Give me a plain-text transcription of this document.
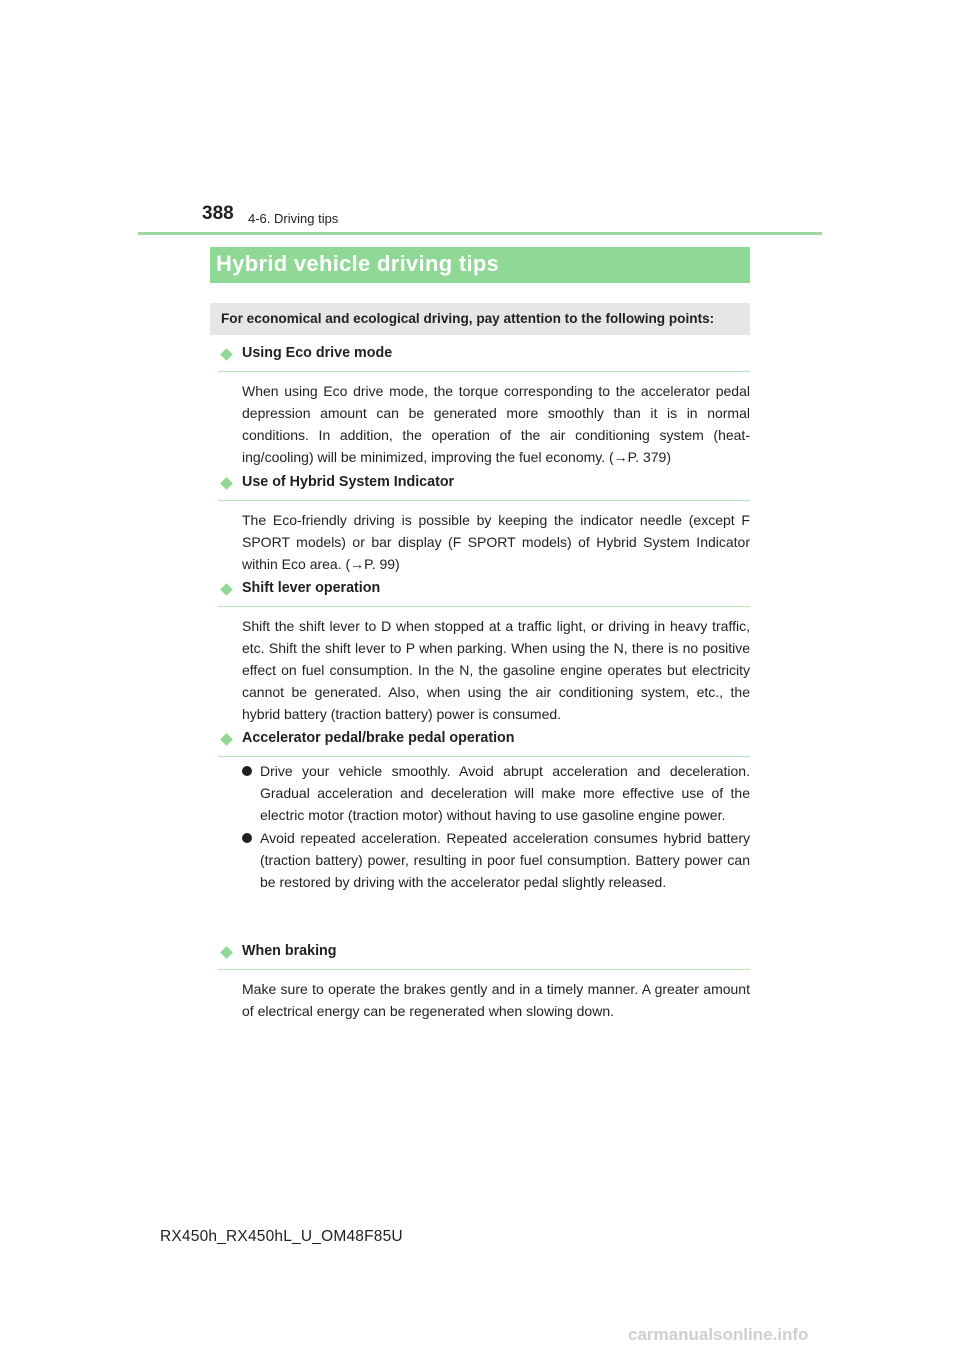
388 4-6. Driving tips
Hybrid vehicle driving tips
For economical and ecological driving, pay attention to the following points:
Using Eco drive mode
When using Eco drive mode, the torque corresponding to the accelerator pedal depression amount can be generated more smoothly than it is in normal conditions. In addition, the operation of the air conditioning system (heating/cooling) will be minimized, improving the fuel economy. (→P. 379)
Use of Hybrid System Indicator
The Eco-friendly driving is possible by keeping the indicator needle (except F SPORT models) or bar display (F SPORT models) of Hybrid System Indicator within Eco area. (→P. 99)
Shift lever operation
Shift the shift lever to D when stopped at a traffic light, or driving in heavy traffic, etc. Shift the shift lever to P when parking. When using the N, there is no positive effect on fuel consumption. In the N, the gasoline engine operates but electricity cannot be generated. Also, when using the air conditioning system, etc., the hybrid battery (traction battery) power is consumed.
Accelerator pedal/brake pedal operation
Drive your vehicle smoothly. Avoid abrupt acceleration and deceleration. Gradual acceleration and deceleration will make more effective use of the electric motor (traction motor) without having to use gasoline engine power.
Avoid repeated acceleration. Repeated acceleration consumes hybrid battery (traction battery) power, resulting in poor fuel consumption. Battery power can be restored by driving with the accelerator pedal slightly released.
When braking
Make sure to operate the brakes gently and in a timely manner. A greater amount of electrical energy can be regenerated when slowing down.
RX450h_RX450hL_U_OM48F85U
carmanualsonline.info
